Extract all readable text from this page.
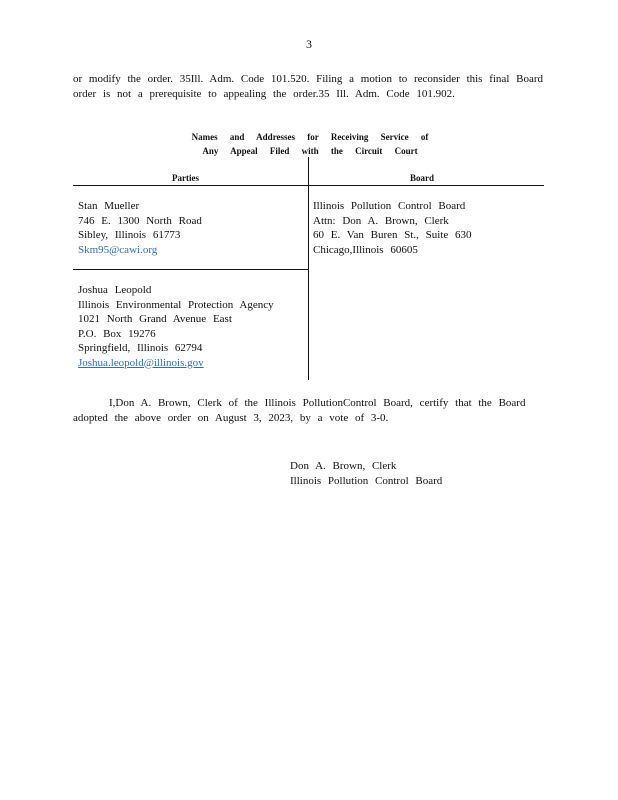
3
or modify the order. 35Ill. Adm. Code 101.520. Filing a motion to reconsider this final Board
order is not a prerequisite to appealing the order.35 Ill. Adm. Code 101.902.
Names and Addresses for Receiving Service of
Any Appeal Filed with the Circuit Court
Parties	Board
Stan Mueller
746 E. 1300 North Road
Sibley, Illinois 61773
Skm95@cawi.org
Joshua Leopold
Illinois Environmental Protection Agency
1021 North Grand Avenue East
P.O. Box 19276
Springfield, Illinois 62794
Joshua.leopold@illinois.gov
Illinois Pollution Control Board
Attn: Don A. Brown, Clerk
60 E. Van Buren St., Suite 630
Chicago,Illinois 60605
I,Don A. Brown, Clerk of the Illinois PollutionControl Board, certify that the Board
adopted the above order on August 3, 2023, by a vote of 3-0.
Don A. Brown, Clerk
Illinois Pollution Control Board
